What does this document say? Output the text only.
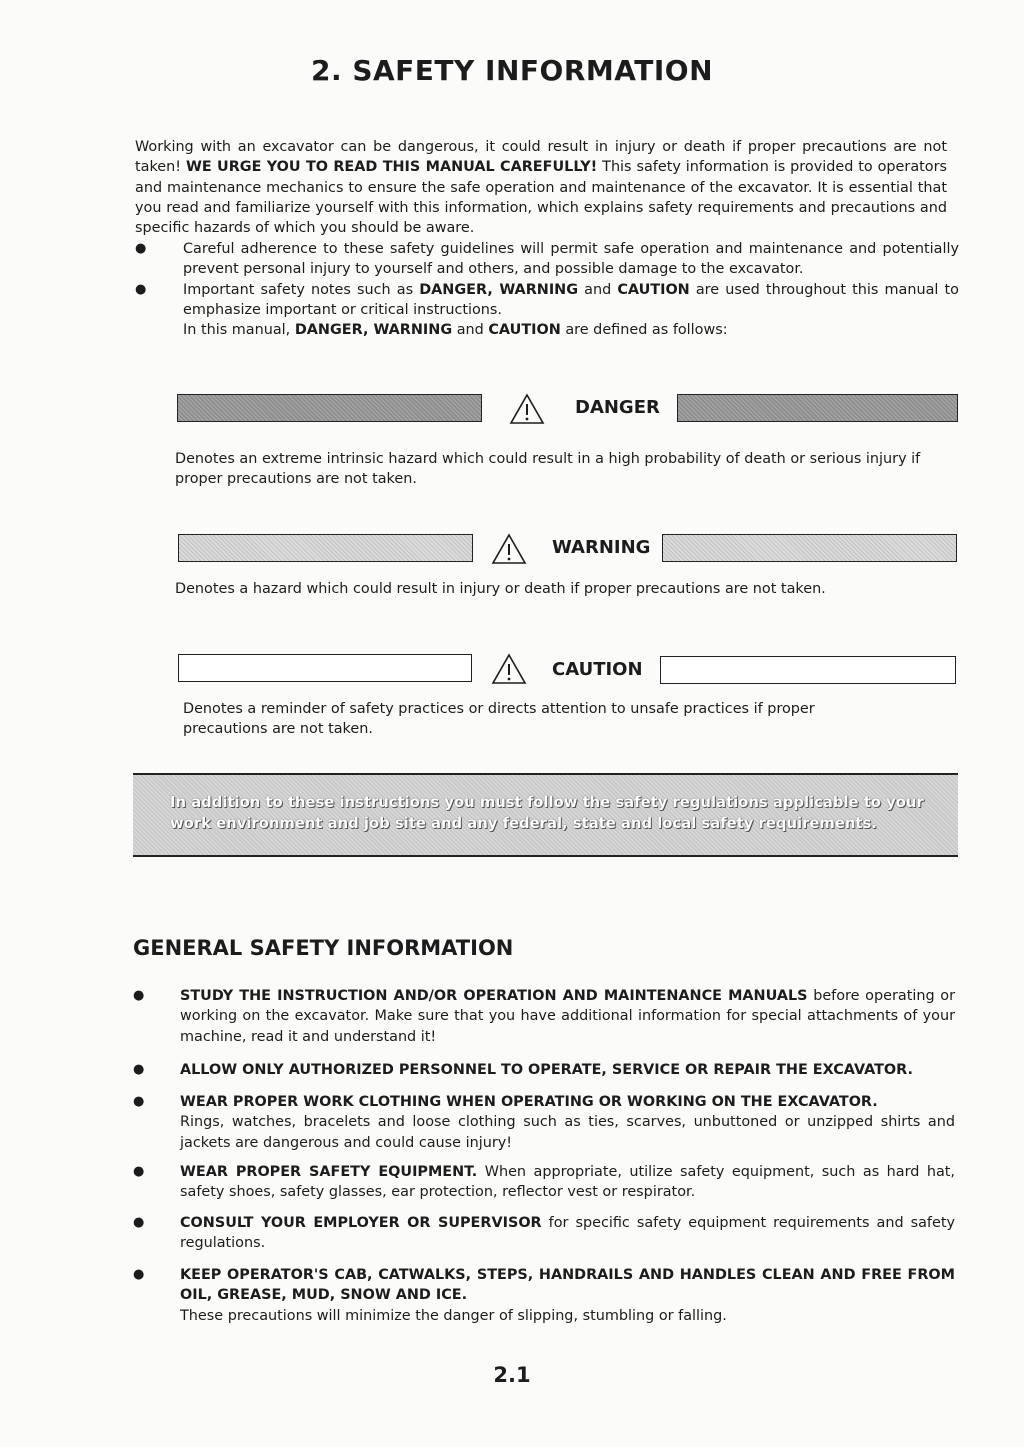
2. SAFETY INFORMATION
Working with an excavator can be dangerous, it could result in injury or death if proper precautions are not taken! WE URGE YOU TO READ THIS MANUAL CAREFULLY! This safety information is provided to operators and maintenance mechanics to ensure the safe operation and maintenance of the excavator. It is essential that you read and familiarize yourself with this information, which explains safety requirements and precautions and specific hazards of which you should be aware.
●	Careful adherence to these safety guidelines will permit safe operation and maintenance and potentially prevent personal injury to yourself and others, and possible damage to the excavator.
●	Important safety notes such as DANGER, WARNING and CAUTION are used throughout this manual to emphasize important or critical instructions.
In this manual, DANGER, WARNING and CAUTION are defined as follows:
DANGER
Denotes an extreme intrinsic hazard which could result in a high probability of death or serious injury if proper precautions are not taken.
WARNING
Denotes a hazard which could result in injury or death if proper precautions are not taken.
CAUTION
Denotes a reminder of safety practices or directs attention to unsafe practices if proper precautions are not taken.
In addition to these instructions you must follow the safety regulations applicable to your work environment and job site and any federal, state and local safety requirements.
GENERAL SAFETY INFORMATION
● STUDY THE INSTRUCTION AND/OR OPERATION AND MAINTENANCE MANUALS before operating or working on the excavator. Make sure that you have additional information for special attachments of your machine, read it and understand it!
● ALLOW ONLY AUTHORIZED PERSONNEL TO OPERATE, SERVICE OR REPAIR THE EXCAVATOR.
● WEAR PROPER WORK CLOTHING WHEN OPERATING OR WORKING ON THE EXCAVATOR.
Rings, watches, bracelets and loose clothing such as ties, scarves, unbuttoned or unzipped shirts and jackets are dangerous and could cause injury!
● WEAR PROPER SAFETY EQUIPMENT. When appropriate, utilize safety equipment, such as hard hat, safety shoes, safety glasses, ear protection, reflector vest or respirator.
● CONSULT YOUR EMPLOYER OR SUPERVISOR for specific safety equipment requirements and safety regulations.
● KEEP OPERATOR'S CAB, CATWALKS, STEPS, HANDRAILS AND HANDLES CLEAN AND FREE FROM OIL, GREASE, MUD, SNOW AND ICE.
These precautions will minimize the danger of slipping, stumbling or falling.
2.1
